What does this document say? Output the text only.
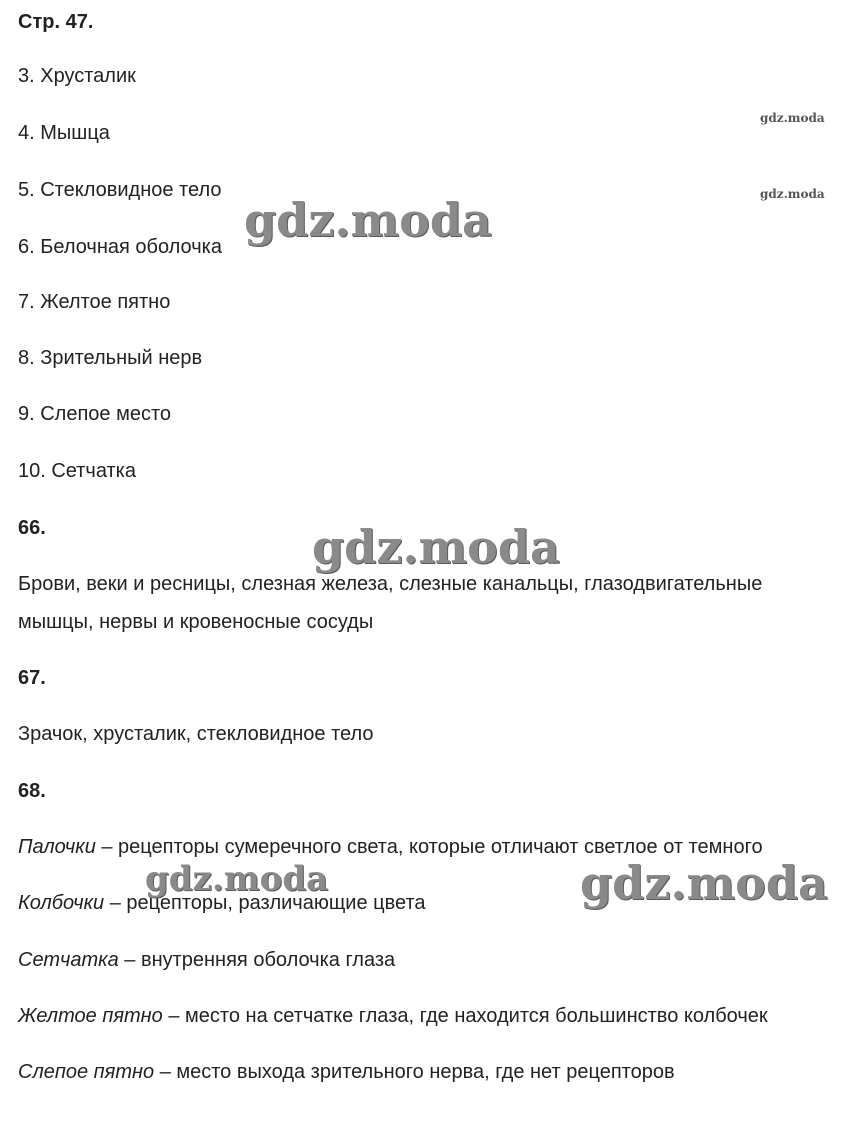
Стр. 47.
3. Хрусталик
4. Мышца
5. Стекловидное тело
6. Белочная оболочка
7. Желтое пятно
8. Зрительный нерв
9. Слепое место
10. Сетчатка
66.
Брови, веки и ресницы, слезная железа, слезные канальцы, глазодвигательные
мышцы, нервы и кровеносные сосуды
67.
Зрачок, хрусталик, стекловидное тело
68.
Палочки – рецепторы сумеречного света, которые отличают светлое от темного
Колбочки – рецепторы, различающие цвета
Сетчатка – внутренняя оболочка глаза
Желтое пятно – место на сетчатке глаза, где находится большинство колбочек
Слепое пятно – место выхода зрительного нерва, где нет рецепторов
gdz.moda
gdz.moda
gdz.moda
gdz.moda
gdz.moda
gdz.moda
